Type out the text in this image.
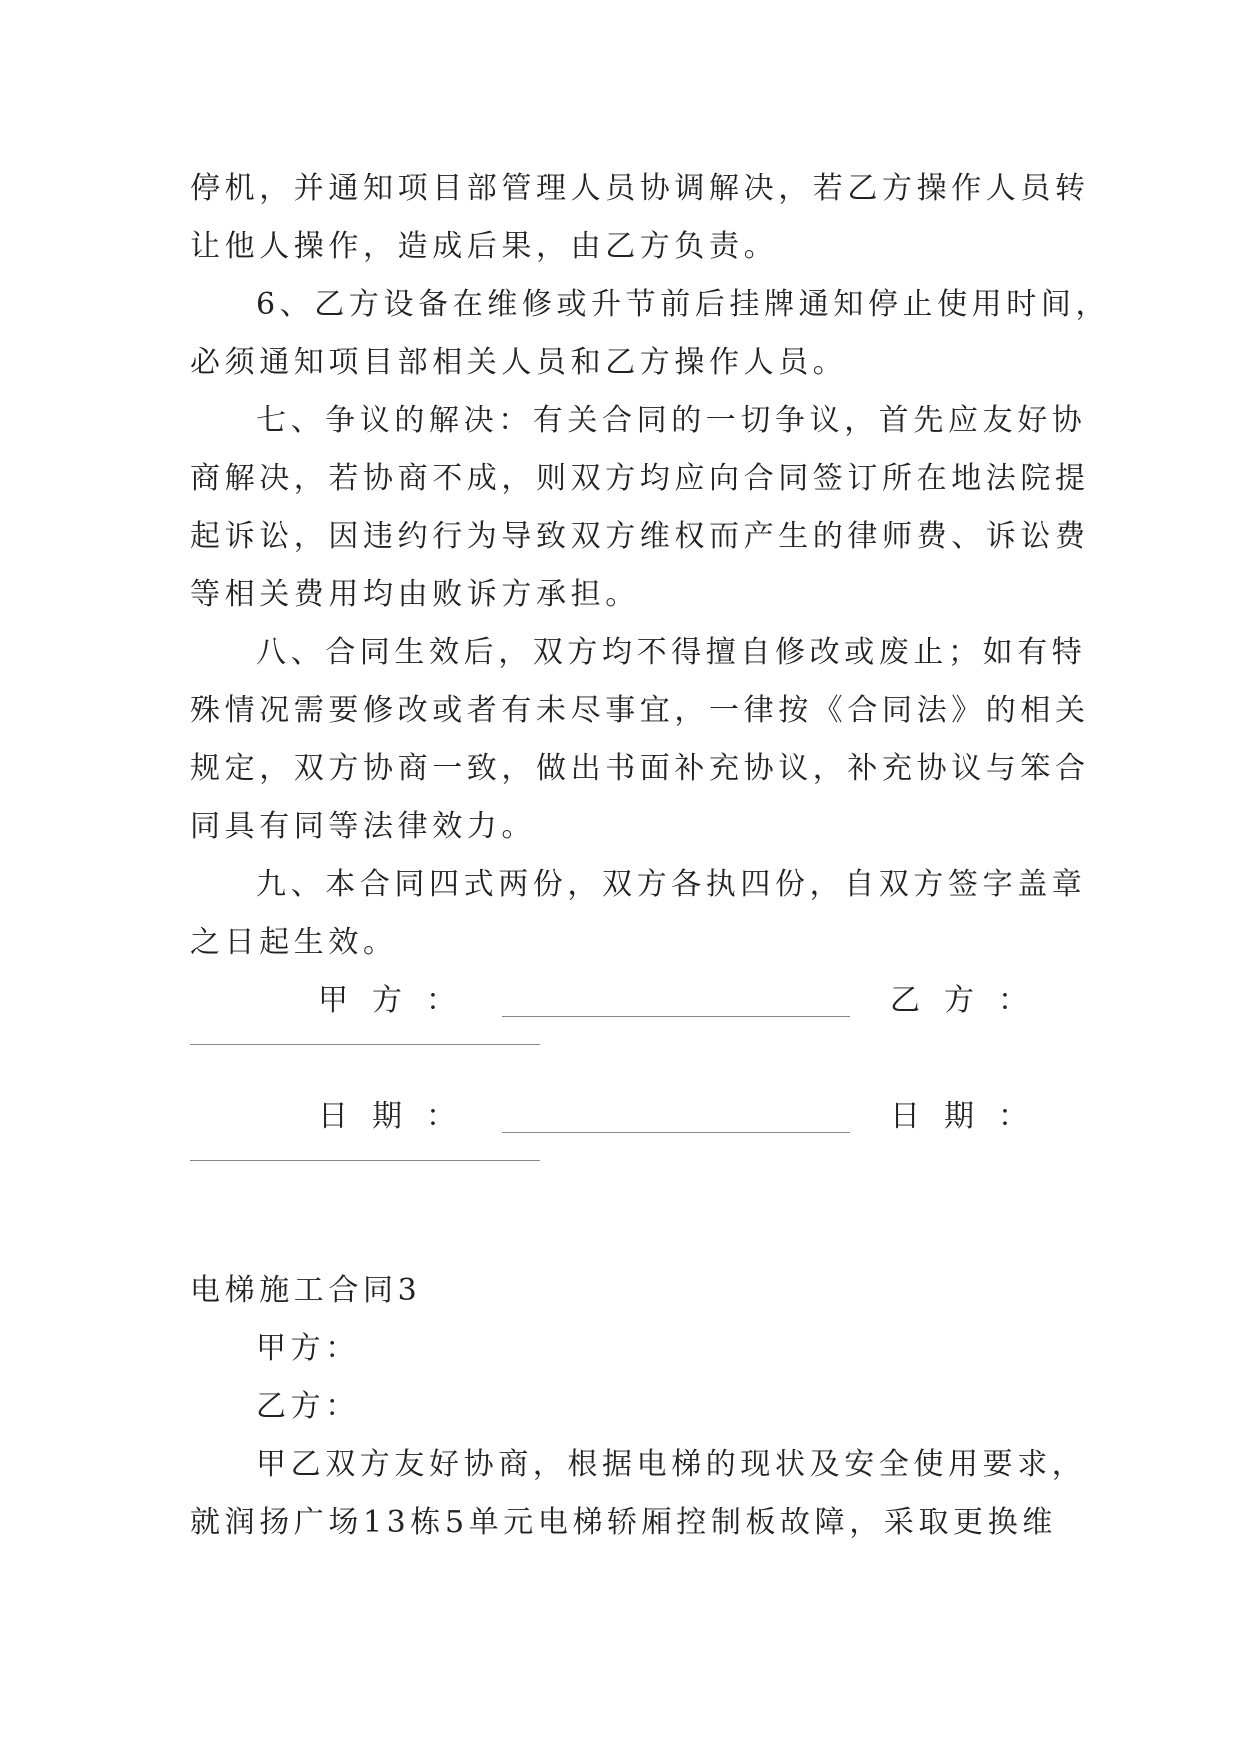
停机，并通知项目部管理人员协调解决，若乙方操作人员转
让他人操作，造成后果，由乙方负责。
6、乙方设备在维修或升节前后挂牌通知停止使用时间，
必须通知项目部相关人员和乙方操作人员。
七、争议的解决：有关合同的一切争议，首先应友好协
商解决，若协商不成，则双方均应向合同签订所在地法院提
起诉讼，因违约行为导致双方维权而产生的律师费、诉讼费
等相关费用均由败诉方承担。
八、合同生效后，双方均不得擅自修改或废止；如有特
殊情况需要修改或者有未尽事宜，一律按《合同法》的相关
规定，双方协商一致，做出书面补充协议，补充协议与笨合
同具有同等法律效力。
九、本合同四式两份，双方各执四份，自双方签字盖章
之日起生效。
甲方：	乙方：
日期：	日期：
电梯施工合同3
甲方：
乙方：
甲乙双方友好协商，根据电梯的现状及安全使用要求，
就润扬广场13栋5单元电梯轿厢控制板故障，采取更换维
